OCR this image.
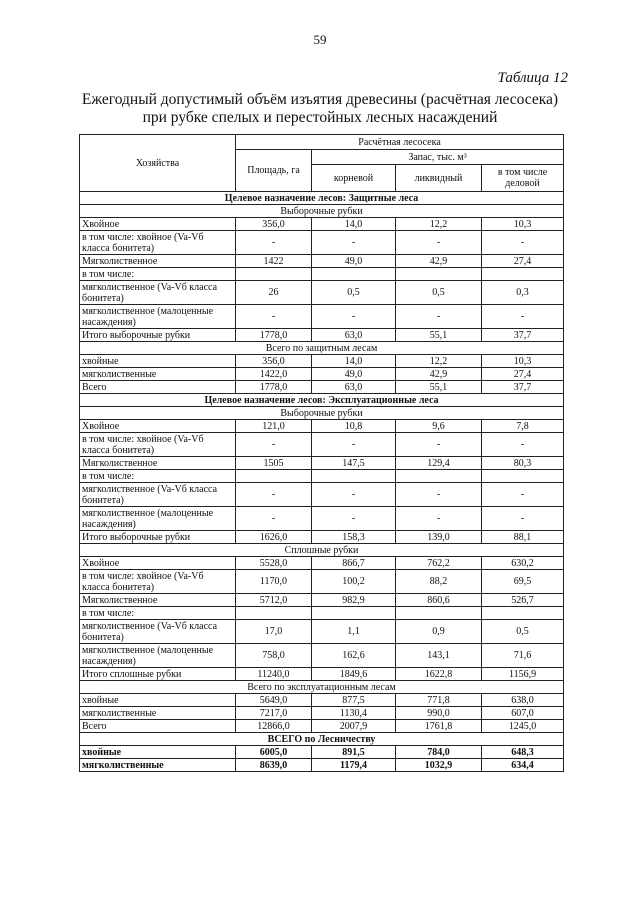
59
Таблица 12
Ежегодный допустимый объём изъятия древесины (расчётная лесосека)
при рубке спелых и перестойных лесных насаждений
Хозяйства	Расчётная лесосека			
	Площадь, га	Запас, тыс. м³		
		корневой	ликвидный	в том числе деловой
Целевое назначение лесов: Защитные леса				
Выборочные рубки				
Хвойное	356,0	14,0	12,2	10,3
в том числе: хвойное (Va-Vб класса бонитета)	-	-	-	-
Мягколиственное	1422	49,0	42,9	27,4
в том числе:				
мягколиственное (Va-Vб класса бонитета)	26	0,5	0,5	0,3
мягколиственное (малоценные насаждения)	-	-	-	-
Итого выборочные рубки	1778,0	63,0	55,1	37,7
Всего по защитным лесам				
хвойные	356,0	14,0	12,2	10,3
мягколиственные	1422,0	49,0	42,9	27,4
Всего	1778,0	63,0	55,1	37,7
Целевое назначение лесов: Эксплуатационные леса				
Выборочные рубки				
Хвойное	121,0	10,8	9,6	7,8
в том числе: хвойное (Va-Vб класса бонитета)	-	-	-	-
Мягколиственное	1505	147,5	129,4	80,3
в том числе:				
мягколиственное (Va-Vб класса бонитета)	-	-	-	-
мягколиственное (малоценные насаждения)	-	-	-	-
Итого выборочные рубки	1626,0	158,3	139,0	88,1
Сплошные рубки				
Хвойное	5528,0	866,7	762,2	630,2
в том числе: хвойное (Va-Vб класса бонитета)	1170,0	100,2	88,2	69,5
Мягколиственное	5712,0	982,9	860,6	526,7
в том числе:				
мягколиственное (Va-Vб класса бонитета)	17,0	1,1	0,9	0,5
мягколиственное (малоценные насаждения)	758,0	162,6	143,1	71,6
Итого сплошные рубки	11240,0	1849,6	1622,8	1156,9
Всего по эксплуатационным лесам				
хвойные	5649,0	877,5	771,8	638,0
мягколиственные	7217,0	1130,4	990,0	607,0
Всего	12866,0	2007,9	1761,8	1245,0
ВСЕГО по Лесничеству				
хвойные	6005,0	891,5	784,0	648,3
мягколиственные	8639,0	1179,4	1032,9	634,4
